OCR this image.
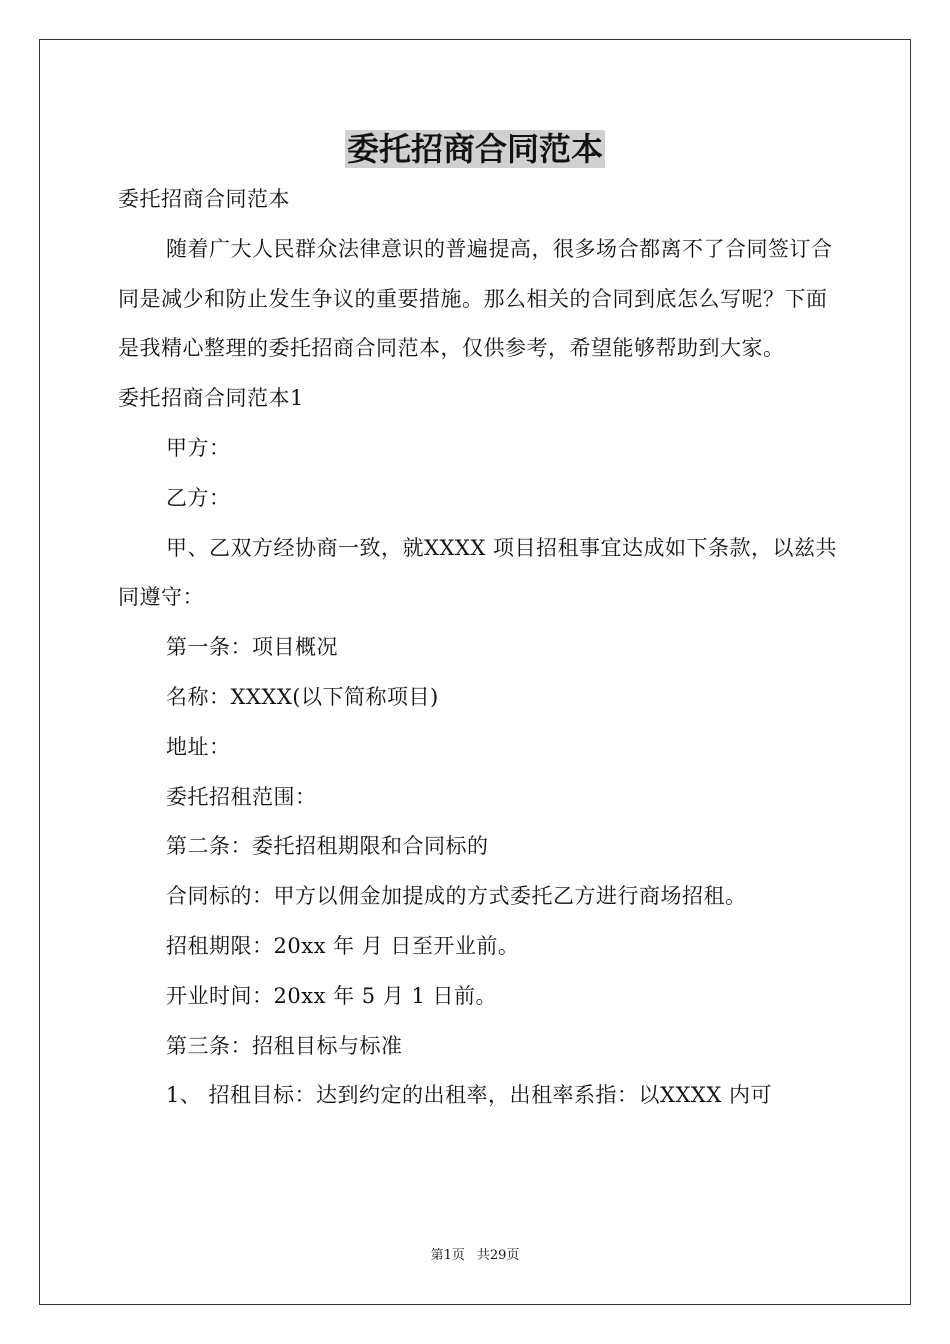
委托招商合同范本

委托招商合同范本

随着广大人民群众法律意识的普遍提高，很多场合都离不了合同签订合同是减少和防止发生争议的重要措施。那么相关的合同到底怎么写呢？下面是我精心整理的委托招商合同范本，仅供参考，希望能够帮助到大家。

委托招商合同范本1

甲方：

乙方：

甲、乙双方经协商一致，就XXXX 项目招租事宜达成如下条款，以兹共同遵守：

第一条：项目概况

名称：XXXX(以下简称项目)

地址：

委托招租范围：

第二条：委托招租期限和合同标的

合同标的：甲方以佣金加提成的方式委托乙方进行商场招租。

招租期限：20xx 年 月 日至开业前。

开业时间：20xx 年 5 月 1 日前。

第三条：招租目标与标准

1、 招租目标：达到约定的出租率，出租率系指：以XXXX 内可

第1页 共29页
